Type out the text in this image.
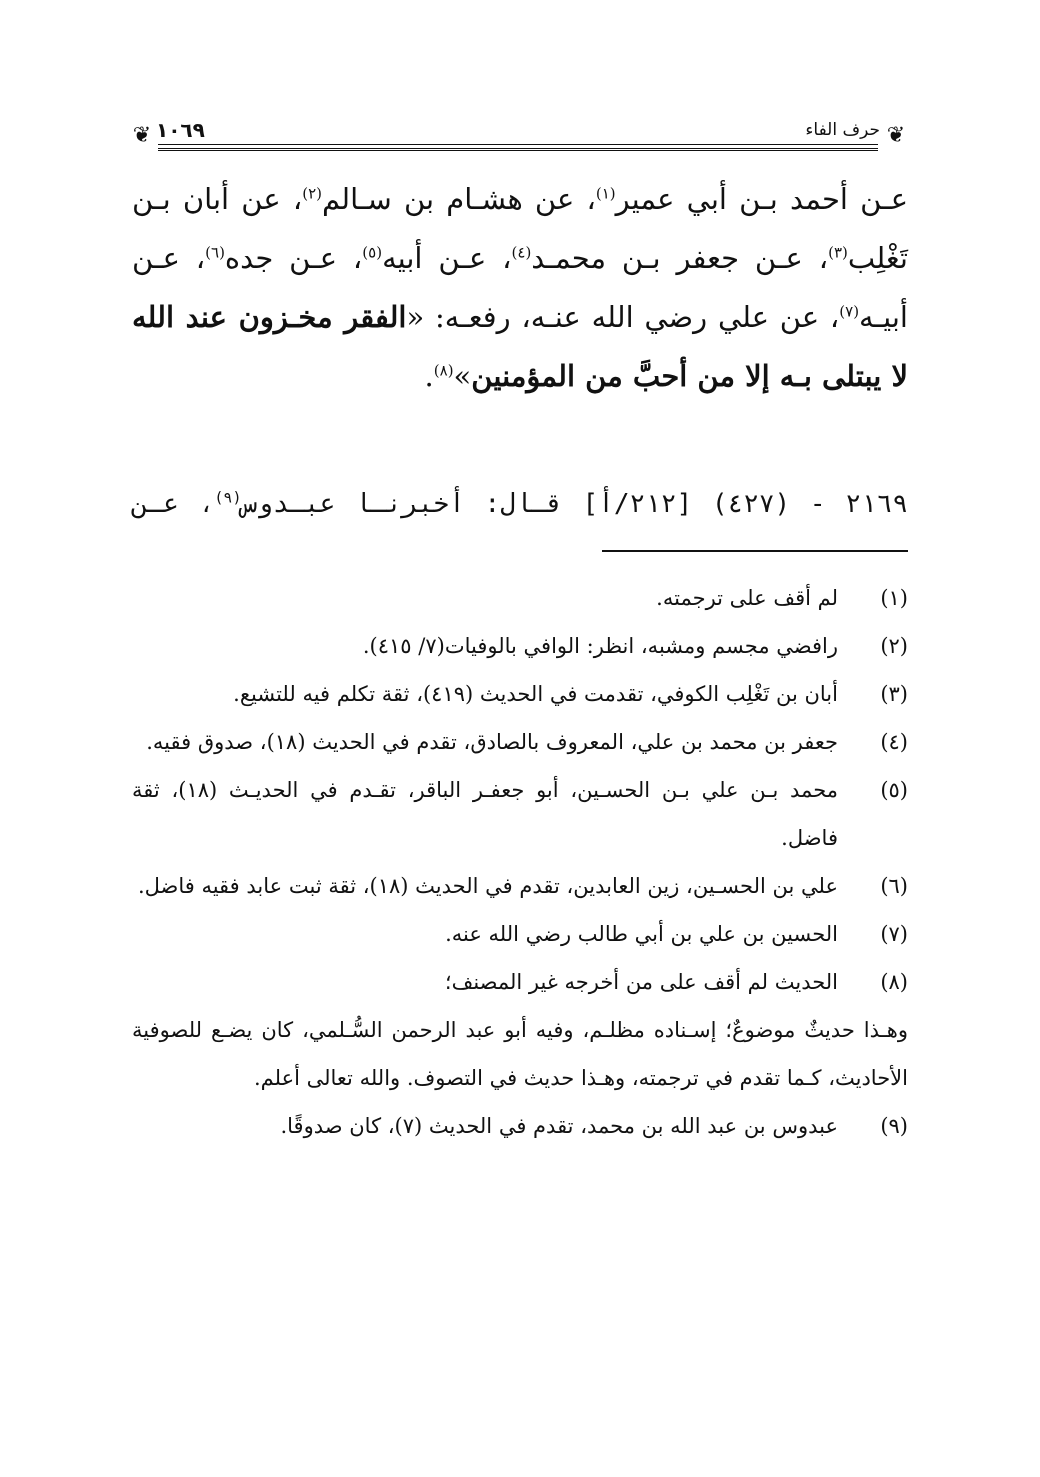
❦ ١٠٦٩	حرف الفاء ❦

عـن أحمد بـن أبي عمير$^{(١)}$، عن هشـام بن سـالم$^{(٢)}$، عن أبان بـن تَغْلِب$^{(٣)}$، عـن جعفر بـن محمـد$^{(٤)}$، عـن أبيه$^{(٥)}$، عـن جده$^{(٦)}$، عـن أبيـه$^{(٧)}$، عن علي رضي الله عنـه، رفعـه: «الفقر مخـزون عند الله لا يبتلى بـه إلا من أحبَّ من المؤمنين»$^{(٨)}$.

٢١٦٩ - (٤٢٧) [٢١٢/أ] قـال: أخبرنـا عبـدوس$^{(٩)}$، عـن

(١)
لم أقف على ترجمته.

(٢)
رافضي مجسم ومشبه، انظر: الوافي بالوفيات(٧/ ٤١٥).

(٣)
أبان بن تَغْلِب الكوفي، تقدمت في الحديث (٤١٩)، ثقة تكلم فيه للتشيع.

(٤)
جعفر بن محمد بن علي، المعروف بالصادق، تقدم في الحديث (١٨)، صدوق فقيه.

(٥)
محمد بـن علي بـن الحسـين، أبو جعفـر الباقر، تقـدم في الحديـث (١٨)، ثقة فاضل.

(٦)
علي بن الحسـين، زين العابدين، تقدم في الحديث (١٨)، ثقة ثبت عابد فقيه فاضل.

(٧)
الحسين بن علي بن أبي طالب رضي الله عنه.

(٨)
الحديث لم أقف على من أخرجه غير المصنف؛

وهـذا حديثٌ موضوعٌ؛ إسـناده مظلـم، وفيه أبو عبد الرحمن السُّـلمي، كان يضـع للصوفية الأحاديث، كـما تقدم في ترجمته، وهـذا حديث في التصوف. والله تعالى أعلم.

(٩)
عبدوس بن عبد الله بن محمد، تقدم في الحديث (٧)، كان صدوقًا.
